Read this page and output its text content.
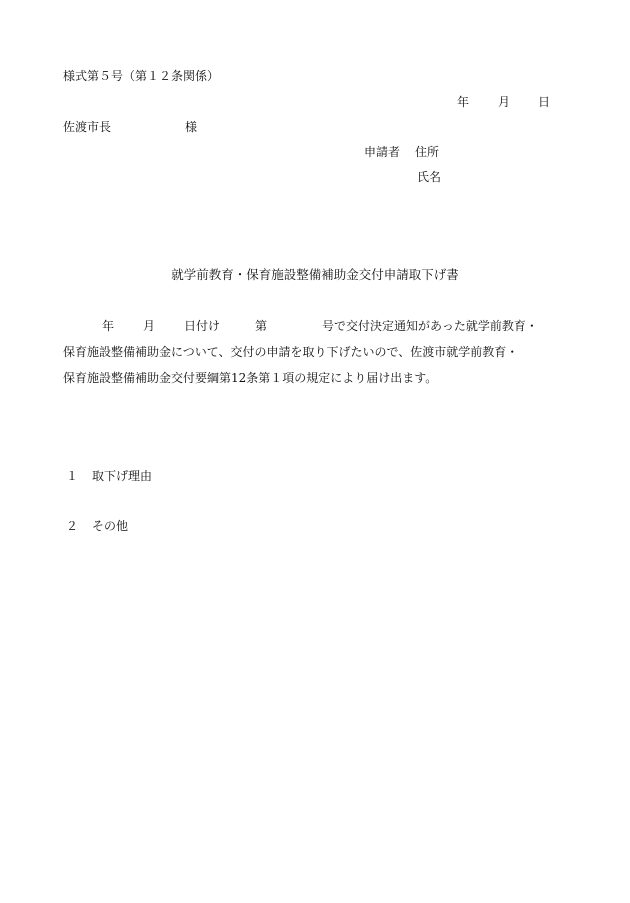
様式第５号（第１２条関係）
年 月 日
佐渡市長	様
申請者 住所
氏名
就学前教育・保育施設整備補助金交付申請取下げ書
年 月 日付け	第	号で交付決定通知があった就学前教育・
保育施設整備補助金について、交付の申請を取り下げたいので、佐渡市就学前教育・
保育施設整備補助金交付要綱第12条第１項の規定により届け出ます。
１ 取下げ理由
２ その他
